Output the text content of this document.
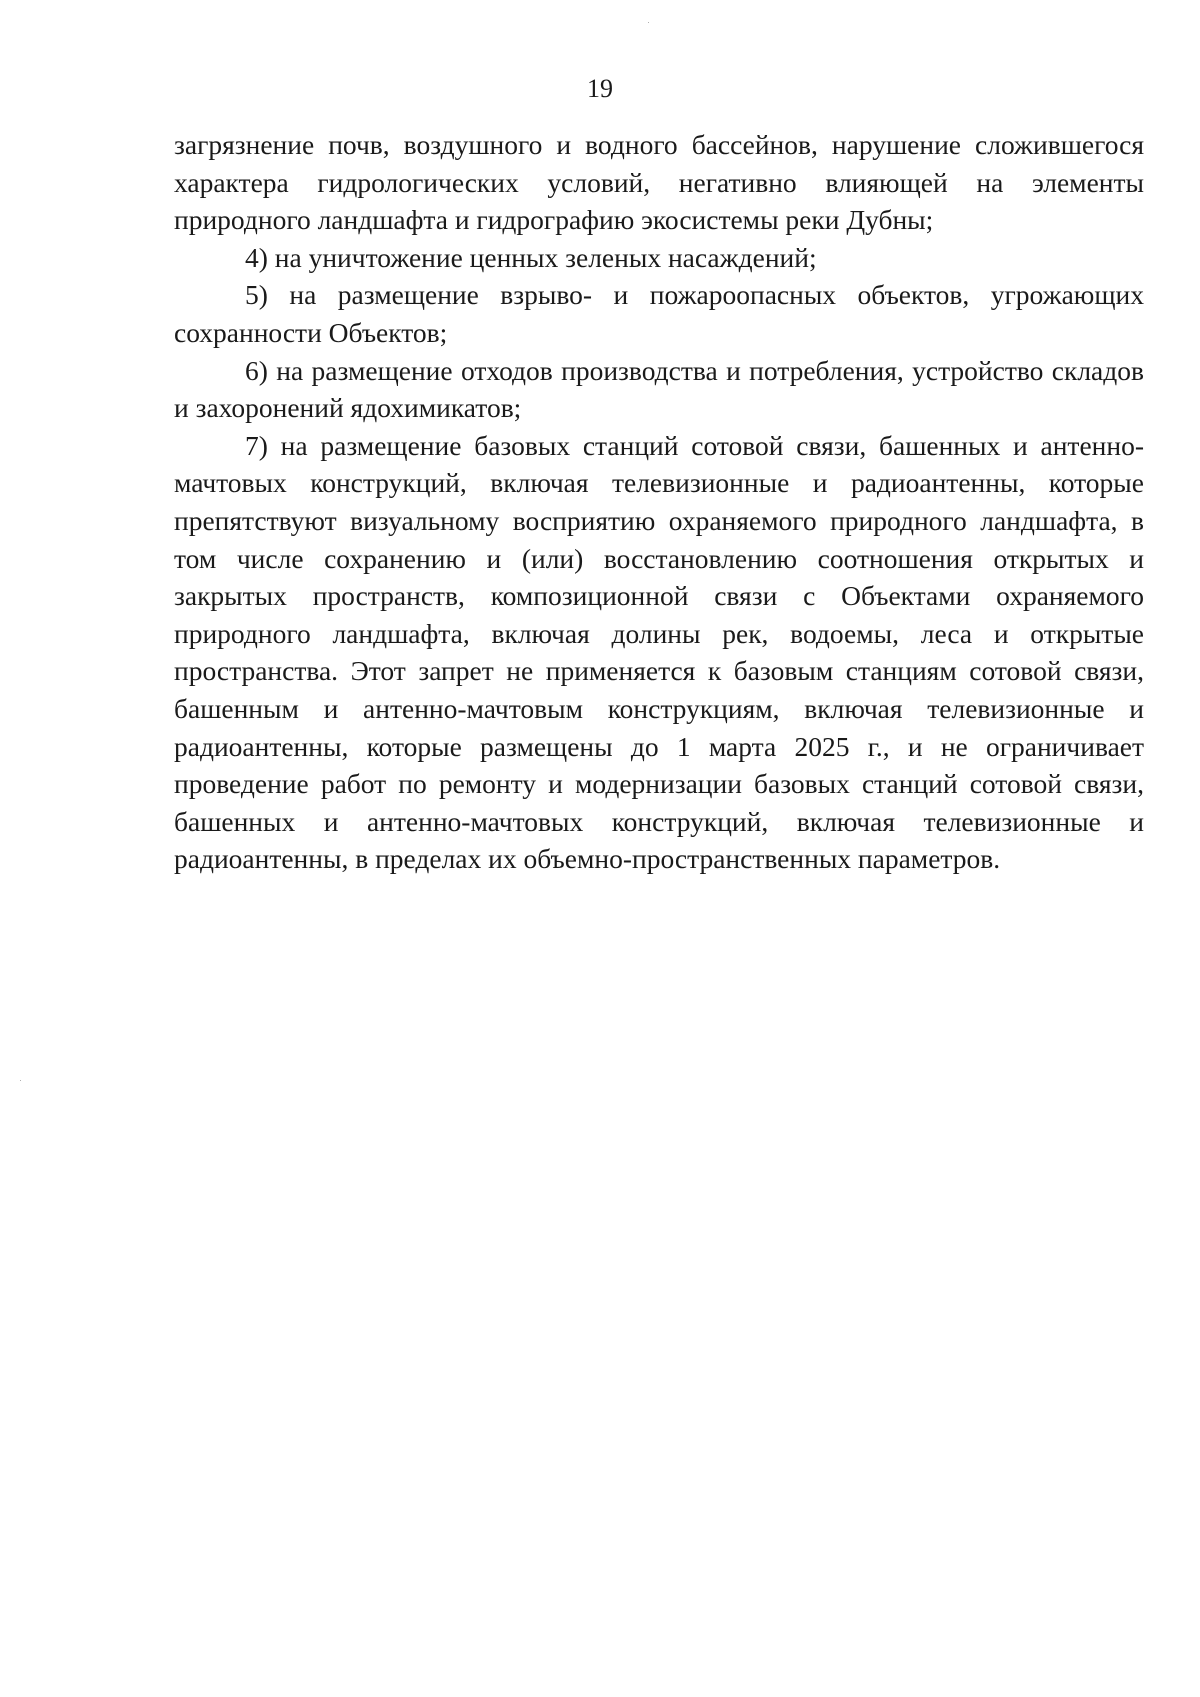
19

загрязнение почв, воздушного и водного бассейнов, нарушение сложившегося характера гидрологических условий, негативно влияющей на элементы природного ландшафта и гидрографию экосистемы реки Дубны;

4) на уничтожение ценных зеленых насаждений;

5) на размещение взрыво- и пожароопасных объектов, угрожающих сохранности Объектов;

6) на размещение отходов производства и потребления, устройство складов и захоронений ядохимикатов;

7) на размещение базовых станций сотовой связи, башенных и антенно-мачтовых конструкций, включая телевизионные и радиоантенны, которые препятствуют визуальному восприятию охраняемого природного ландшафта, в том числе сохранению и (или) восстановлению соотношения открытых и закрытых пространств, композиционной связи с Объектами охраняемого природного ландшафта, включая долины рек, водоемы, леса и открытые пространства. Этот запрет не применяется к базовым станциям сотовой связи, башенным и антенно-мачтовым конструкциям, включая телевизионные и радиоантенны, которые размещены до 1 марта 2025 г., и не ограничивает проведение работ по ремонту и модернизации базовых станций сотовой связи, башенных и антенно-мачтовых конструкций, включая телевизионные и радиоантенны, в пределах их объемно-пространственных параметров.
